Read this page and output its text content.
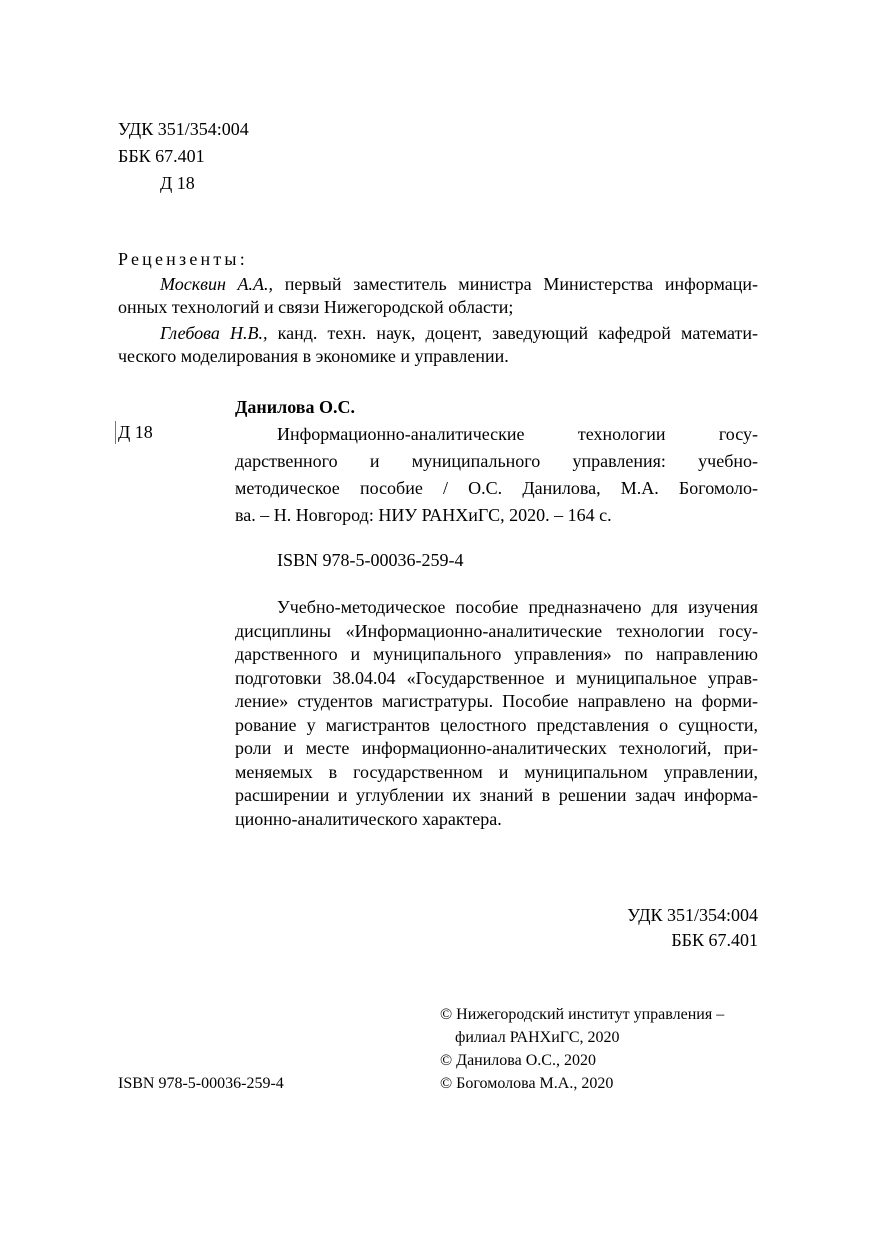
УДК 351/354:004
ББК 67.401
Д 18
Рецензенты:
Москвин А.А., первый заместитель министра Министерства информаци-
онных технологий и связи Нижегородской области;
Глебова Н.В., канд. техн. наук, доцент, заведующий кафедрой математи-
ческого моделирования в экономике и управлении.
Данилова О.С.
Д 18	Информационно-аналитические технологии госу-
дарственного и муниципального управления: учебно-
методическое пособие / О.С. Данилова, М.А. Богомоло-
ва. – Н. Новгород: НИУ РАНХиГС, 2020. – 164 с.
ISBN 978-5-00036-259-4
Учебно-методическое пособие предназначено для изучения
дисциплины «Информационно-аналитические технологии госу-
дарственного и муниципального управления» по направлению
подготовки 38.04.04 «Государственное и муниципальное управ-
ление» студентов магистратуры. Пособие направлено на форми-
рование у магистрантов целостного представления о сущности,
роли и месте информационно-аналитических технологий, при-
меняемых в государственном и муниципальном управлении,
расширении и углублении их знаний в решении задач информа-
ционно-аналитического характера.
УДК 351/354:004
ББК 67.401
© Нижегородский институт управления –
филиал РАНХиГС, 2020
© Данилова О.С., 2020
© Богомолова М.А., 2020
ISBN 978-5-00036-259-4
